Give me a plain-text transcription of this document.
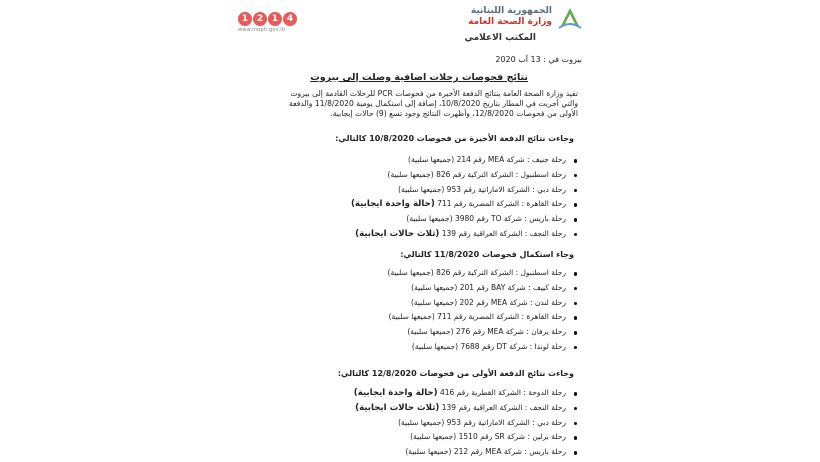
الجمهورية اللبنانية
وزارة الصحة العامة
المكتب الاعلامي
1 2 1 4
www.moph.gov.lb
بيروت في : 13 آب 2020
نتائج فحوصات رحلات اضافية وصلت إلى بيروت
تفيد وزارة الصحة العامة بنتائج الدفعة الأخيرة من فحوصات PCR للرحلات القادمة إلى بيروت والتي أجريت في المطار بتاريخ 10/8/2020، إضافة إلى استكمال يومية 11/8/2020 والدفعة الأولى من فحوصات 12/8/2020، وأظهرت النتائج وجود تسع (9) حالات إيجابية.
وجاءت نتائج الدفعة الأخيرة من فحوصات 10/8/2020 كالتالي:
رحلة جنيف : شركة MEA رقم 214 (جميعها سلبية)
رحلة اسطنبول : الشركة التركية رقم 826 (جميعها سلبية)
رحلة دبي : الشركة الاماراتية رقم 953 (جميعها سلبية)
رحلة القاهرة : الشركة المصرية رقم 711 (حالة واحدة ايجابية)
رحلة باريس : شركة TO رقم 3980 (جميعها سلبية)
رحلة النجف : الشركة العراقية رقم 139 (ثلاث حالات ايجابية)
وجاء استكمال فحوصات 11/8/2020 كالتالي:
رحلة اسطنبول : الشركة التركية رقم 826 (جميعها سلبية)
رحلة كييف : شركة BAY رقم 201 (جميعها سلبية)
رحلة لندن : شركة MEA رقم 202 (جميعها سلبية)
رحلة القاهرة : الشركة المصرية رقم 711 (جميعها سلبية)
رحلة يرفان : شركة MEA رقم 276 (جميعها سلبية)
رحلة لوندا : شركة DT رقم 7688 (جميعها سلبية)
وجاءت نتائج الدفعة الأولى من فحوصات 12/8/2020 كالتالي:
رحلة الدوحة : الشركة القطرية رقم 416 (حالة واحدة ايجابية)
رحلة النجف : الشركة العراقية رقم 139 (ثلاث حالات ايجابية)
رحلة دبي : الشركة الاماراتية رقم 953 (جميعها سلبية)
رحلة برلين : شركة SR رقم 1510 (جميعها سلبية)
رحلة باريس : شركة MEA رقم 212 (جميعها سلبية)
